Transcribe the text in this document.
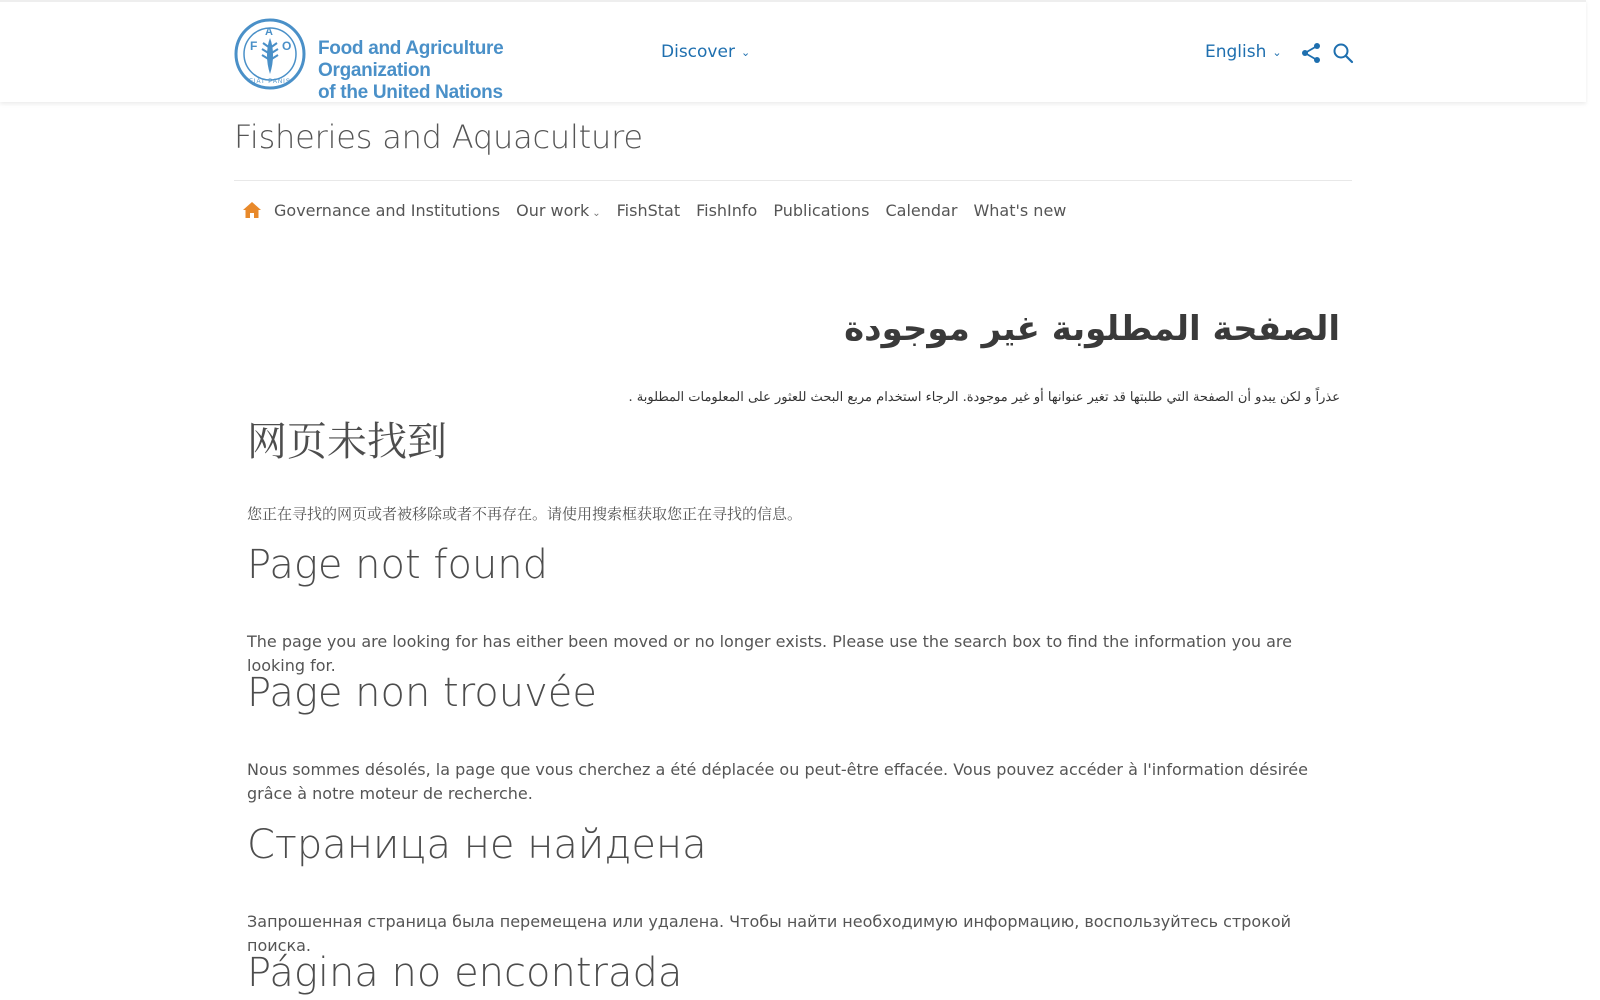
F
A
O
FIAT PANIS
Food and Agriculture Organization
of the United Nations
Discover ⌄	English ⌄
Fisheries and Aquaculture
Governance and Institutions Our work ⌄ FishStat FishInfo Publications Calendar What's new
الصفحة المطلوبة غير موجودة

عذراً و لكن يبدو أن الصفحة التي طلبتها قد تغير عنوانها أو غير موجودة. الرجاء استخدام مربع البحث للعثور على المعلومات المطلوبة .

网页未找到

您正在寻找的网页或者被移除或者不再存在。请使用搜索框获取您正在寻找的信息。

Page not found

The page you are looking for has either been moved or no longer exists. Please use the search box to find the information you are looking for.

Page non trouvée

Nous sommes désolés, la page que vous cherchez a été déplacée ou peut-être effacée. Vous pouvez accéder à l'information désirée grâce à notre moteur de recherche.

Страница не найдена

Запрошенная страница была перемещена или удалена. Чтобы найти необходимую информацию, воспользуйтесь строкой поиска.

Página no encontrada
